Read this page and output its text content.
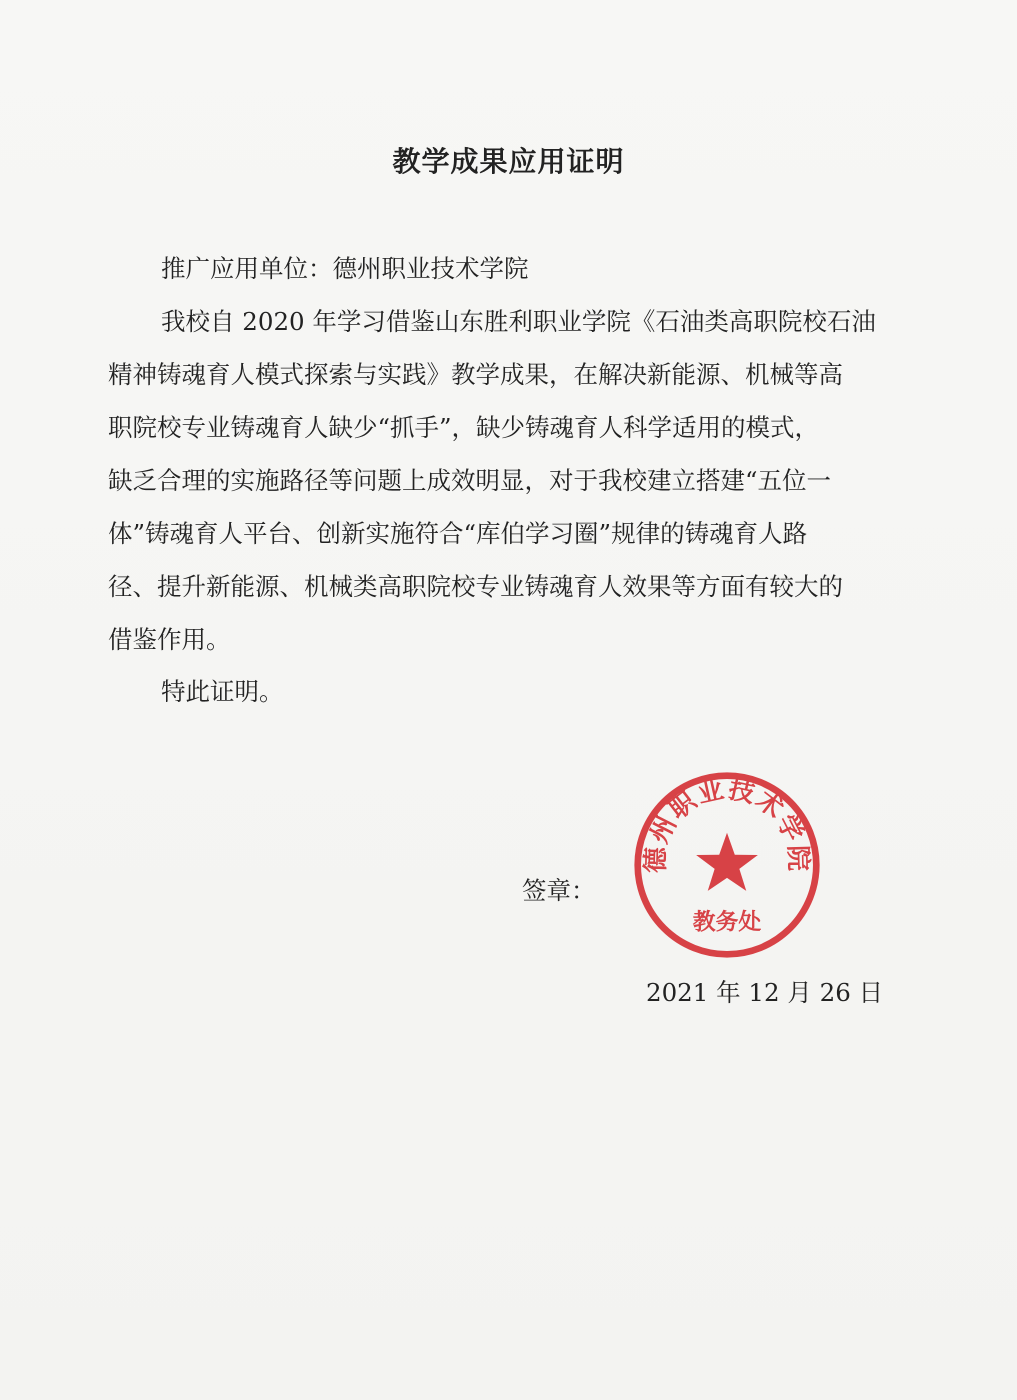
教学成果应用证明
推广应用单位：德州职业技术学院
我校自 2020 年学习借鉴山东胜利职业学院《石油类高职院校石油
精神铸魂育人模式探索与实践》教学成果，在解决新能源、机械等高
职院校专业铸魂育人缺少“抓手”，缺少铸魂育人科学适用的模式，
缺乏合理的实施路径等问题上成效明显，对于我校建立搭建“五位一
体”铸魂育人平台、创新实施符合“库伯学习圈”规律的铸魂育人路
径、提升新能源、机械类高职院校专业铸魂育人效果等方面有较大的
借鉴作用。
特此证明。
签章：
德州职业技术学院
教务处
2021 年 12 月 26 日
